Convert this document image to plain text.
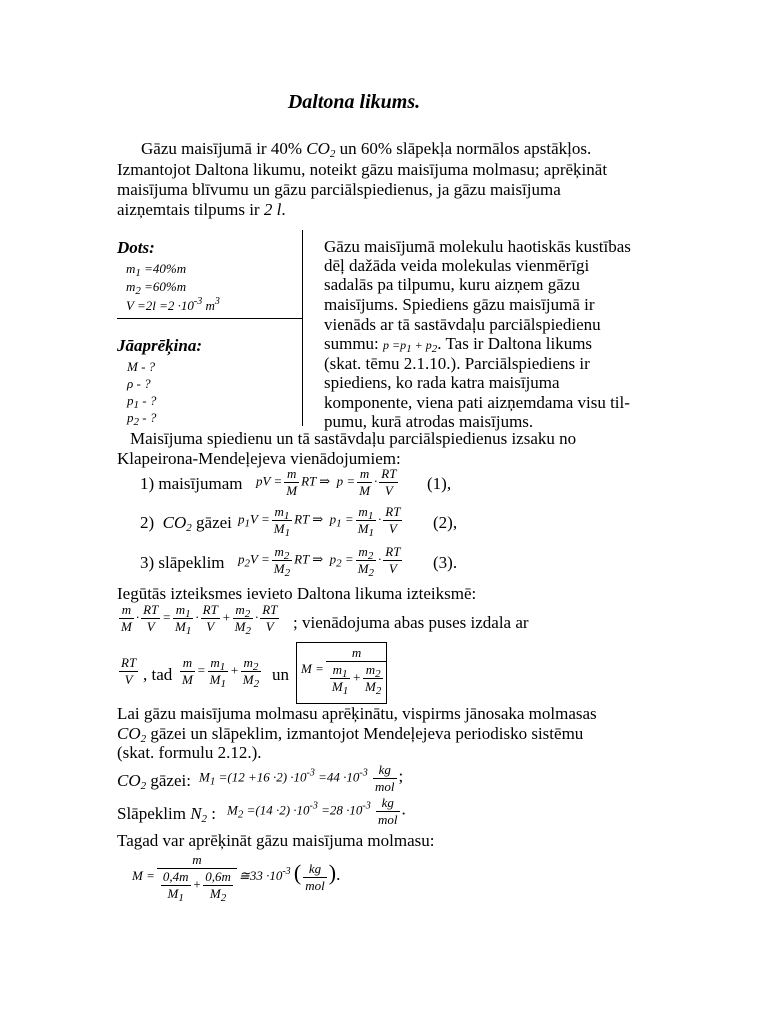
Daltona likums.
Gāzu maisījumā ir 40% $CO_2$ un 60% slāpekļa normālos apstākļos.
Izmantojot Daltona likumu, noteikt gāzu maisījuma molmasu; aprēķināt
maisījuma blīvumu un gāzu parciālspiedienus, ja gāzu maisījuma
aizņemtais tilpums ir 2 l.
Dots:
$m_1 =40\%m$
$m_2 =60\%m$
$V =2l =2 \cdot 10^{-3}$ $m^3$
Jāaprēķina:
M - ?
ρ - ?
$p_1$ - ?
$p_2$ - ?
Gāzu maisījumā molekulu haotiskās kustības
dēļ dažāda veida molekulas vienmērīgi
sadalās pa tilpumu, kuru aizņem gāzu
maisījums. Spiediens gāzu maisījumā ir
vienāds ar tā sastāvdaļu parciālspiedienu
summu: $p =p_1 + p_2$. Tas ir Daltona likums
(skat. tēmu 2.1.10.). Parciālspiediens ir
spiediens, ko rada katra maisījuma
komponente, viena pati aizņemdama visu til-
pumu, kurā atrodas maisījums.
Maisījuma spiedienu un tā sastāvdaļu parciālspiedienus izsaku no
Klapeirona-Mendeļejeva vienādojumiem:
1) maisījumam pV = $\frac{m}{M}$ RT ⇒  $p = \frac{m}{M} \cdot \frac{RT}{V} (1)$,
2) $CO_2$ gāzei $p_1V = \frac{m_1}{M_1}$ RT ⇒  $p_1 = \frac{m_1}{M_1} \cdot \frac{RT}{V} (2)$,
3) slāpeklim $p_2V = \frac{m_2}{M_2}$ RT ⇒  $p_2 = \frac{m_2}{M_2} \cdot \frac{RT}{V} (3)$.
Iegūtās izteiksmes ievieto Daltona likuma izteiksmē:
$\frac{m}{M} \cdot \frac{RT}{V} = \frac{m_1}{M_1} \cdot \frac{RT}{V} + \frac{m_2}{M_2} \cdot \frac{RT}{V}$ ; vienādojuma abas puses izdala ar
$\frac{RT}{V}$ , tad $\frac{m}{M} = \frac{m_1}{M_1} + \frac{m_2}{M_2}$ un $M = \frac{m}{\frac{m_1}{M_1} + \frac{m_2}{M_2}}$
Lai gāzu maisījuma molmasu aprēķinātu, vispirms jānosaka molmasas
$CO_2$ gāzei un slāpeklim, izmantojot Mendeļejeva periodisko sistēmu
(skat. formulu 2.12.).
$CO_2$ gāzei: $M_1 =(12 +16 \cdot 2) \cdot 10^{-3} =44 \cdot 10^{-3}$ kg
mol
;
Slāpeklim $N_2$ : $M_2 =(14 \cdot 2) \cdot 10^{-3} =28 \cdot 10^{-3}$ kg
mol
.
Tagad var aprēķināt gāzu maisījuma molmasu:
$M = \frac{m}{\frac{0,4m}{M_1} + \frac{0,6m}{M_2}}$ ≅33 $\cdot 10^{-3}$ ( kg
mol
).
